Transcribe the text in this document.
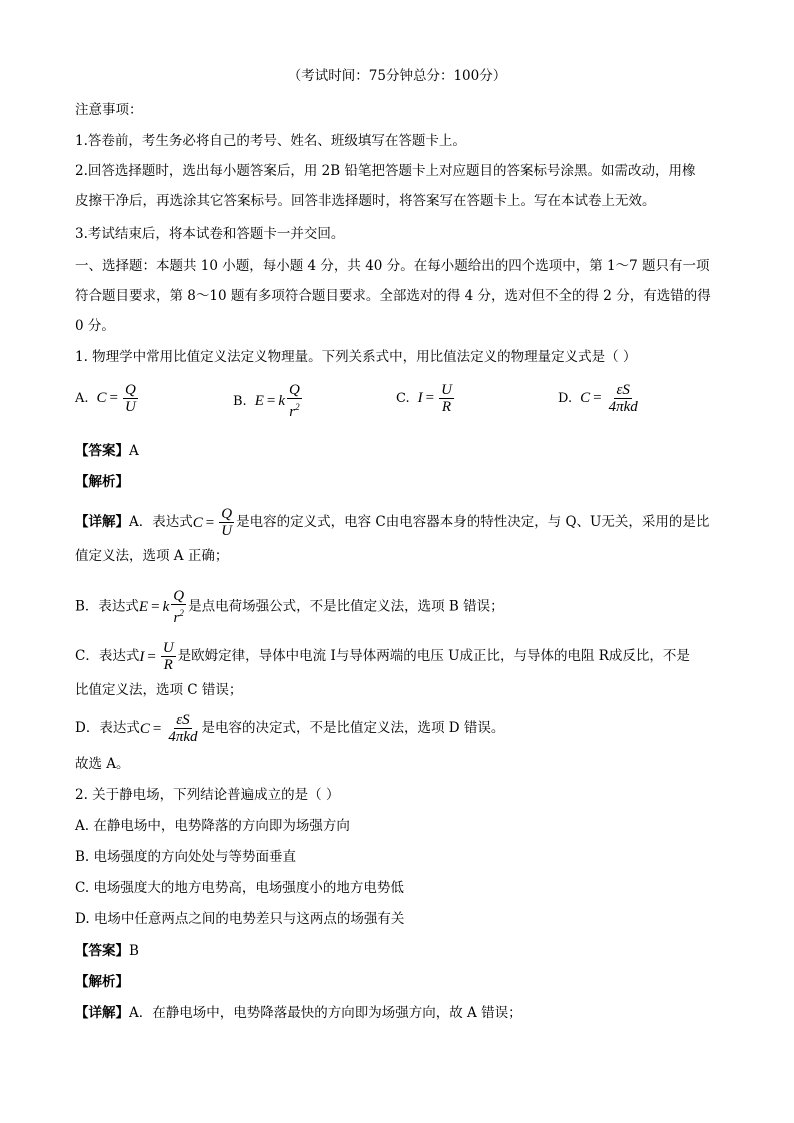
（考试时间：75分钟总分：100分）
注意事项：
1.答卷前，考生务必将自己的考号、姓名、班级填写在答题卡上。
2.回答选择题时，选出每小题答案后，用 2B 铅笔把答题卡上对应题目的答案标号涂黑。如需改动，用橡
皮擦干净后，再选涂其它答案标号。回答非选择题时，将答案写在答题卡上。写在本试卷上无效。
3.考试结束后，将本试卷和答题卡一并交回。
一、选择题：本题共 10 小题，每小题 4 分，共 40 分。在每小题给出的四个选项中，第 1～7 题只有一项
符合题目要求，第 8～10 题有多项符合题目要求。全部选对的得 4 分，选对但不全的得 2 分，有选错的得
0 分。
1. 物理学中常用比值定义法定义物理量。下列关系式中，用比值法定义的物理量定义式是（ ）
A. $C = \frac{Q}{U}$	B. E = k $\frac{Q}{r^2}$	C. $I = \frac{U}{R}$	D. $C = \frac{\varepsilon S}{\text{4πkd}}$
【答案】A
【解析】
【详解】A．表达式 $C = \frac{Q}{U}$ 是电容的定义式，电容 C由电容器本身的特性决定，与 Q、U无关，采用的是比
值定义法，选项 A 正确；
B．表达式 E = k $\frac{Q}{r^2}$ 是点电荷场强公式，不是比值定义法，选项 B 错误；
C．表达式 $I = \frac{U}{R}$ 是欧姆定律，导体中电流 I与导体两端的电压 U成正比，与导体的电阻 R成反比，不是
比值定义法，选项 C 错误；
D．表达式 $C = \frac{\varepsilon S}{\text{4πkd}}$ 是电容的决定式，不是比值定义法，选项 D 错误。
故选 A。
2. 关于静电场，下列结论普遍成立的是（ ）
A. 在静电场中，电势降落的方向即为场强方向
B. 电场强度的方向处处与等势面垂直
C. 电场强度大的地方电势高，电场强度小的地方电势低
D. 电场中任意两点之间的电势差只与这两点的场强有关
【答案】B
【解析】
【详解】A．在静电场中，电势降落最快的方向即为场强方向，故 A 错误；
